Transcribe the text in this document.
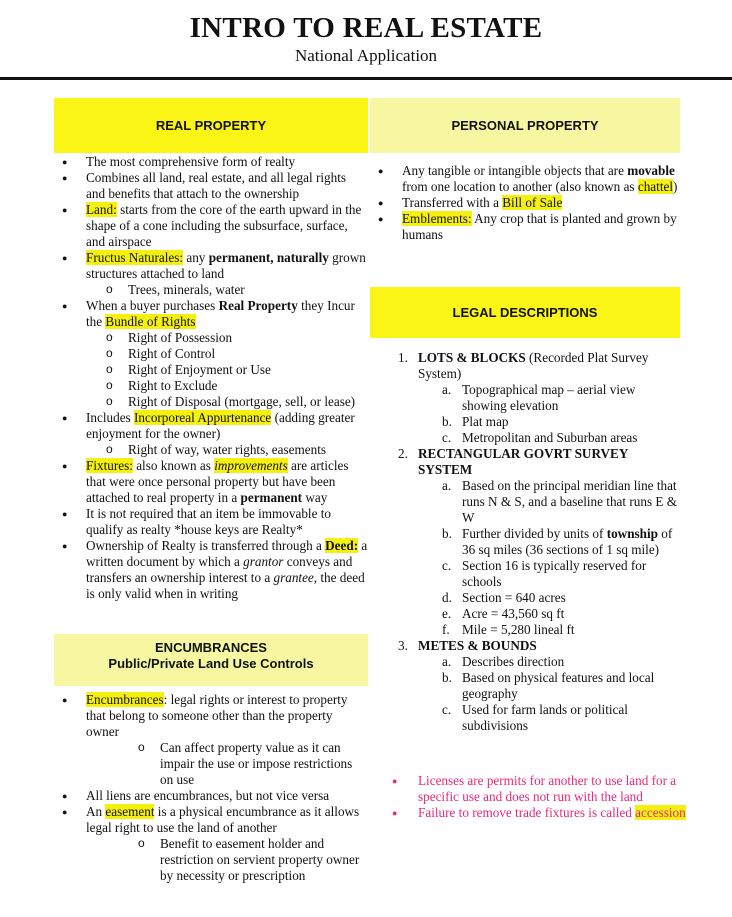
INTRO TO REAL ESTATE
National Application
REAL PROPERTY	PERSONAL PROPERTY
LEGAL DESCRIPTIONS
ENCUMBRANCES
Public/Private Land Use Controls
● The most comprehensive form of realty
● Combines all land, real estate, and all legal rights and benefits that attach to the ownership
● Land: starts from the core of the earth upward in the shape of a cone including the subsurface, surface, and airspace
● Fructus Naturales: any permanent, naturally grown structures attached to land
o Trees, minerals, water
● When a buyer purchases Real Property they Incur the Bundle of Rights
o Right of Possession
o Right of Control
o Right of Enjoyment or Use
o Right to Exclude
o Right of Disposal (mortgage, sell, or lease)
● Includes Incorporeal Appurtenance (adding greater enjoyment for the owner)
o Right of way, water rights, easements
● Fixtures: also known as improvements are articles that were once personal property but have been attached to real property in a permanent way
● It is not required that an item be immovable to qualify as realty *house keys are Realty*
● Ownership of Realty is transferred through a Deed: a written document by which a grantor conveys and transfers an ownership interest to a grantee, the deed is only valid when in writing
● Any tangible or intangible objects that are movable from one location to another (also known as chattel)
● Transferred with a Bill of Sale
● Emblements: Any crop that is planted and grown by humans
1. LOTS & BLOCKS (Recorded Plat Survey System)
a. Topographical map – aerial view showing elevation
b. Plat map
c. Metropolitan and Suburban areas
2. RECTANGULAR GOVRT SURVEY SYSTEM
a. Based on the principal meridian line that runs N & S, and a baseline that runs E & W
b. Further divided by units of township of 36 sq miles (36 sections of 1 sq mile)
c. Section 16 is typically reserved for schools
d. Section = 640 acres
e. Acre = 43,560 sq ft
f. Mile = 5,280 lineal ft
3. METES & BOUNDS
a. Describes direction
b. Based on physical features and local geography
c. Used for farm lands or political subdivisions
● Encumbrances: legal rights or interest to property that belong to someone other than the property owner
o Can affect property value as it can impair the use or impose restrictions on use
● All liens are encumbrances, but not vice versa
● An easement is a physical encumbrance as it allows legal right to use the land of another
o Benefit to easement holder and restriction on servient property owner by necessity or prescription
● Licenses are permits for another to use land for a specific use and does not run with the land
● Failure to remove trade fixtures is called accession
